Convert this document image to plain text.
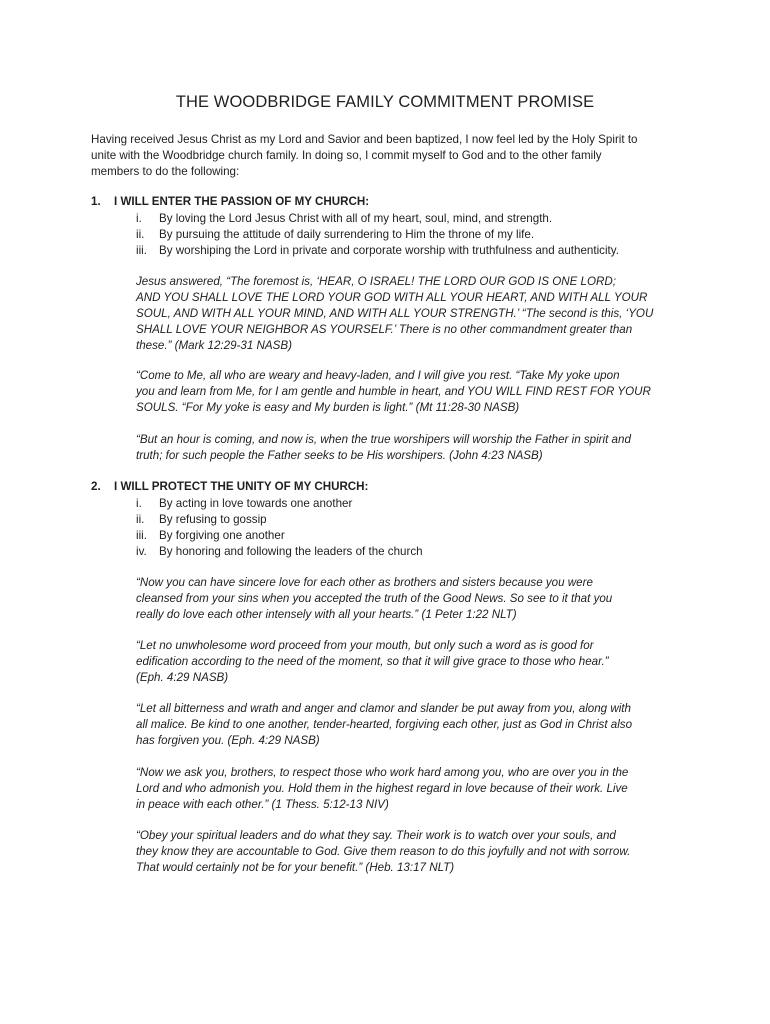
THE WOODBRIDGE FAMILY COMMITMENT PROMISE
Having received Jesus Christ as my Lord and Savior and been baptized, I now feel led by the Holy Spirit to
unite with the Woodbridge church family. In doing so, I commit myself to God and to the other family
members to do the following:
1. I WILL ENTER THE PASSION OF MY CHURCH:
i. By loving the Lord Jesus Christ with all of my heart, soul, mind, and strength.
ii. By pursuing the attitude of daily surrendering to Him the throne of my life.
iii. By worshiping the Lord in private and corporate worship with truthfulness and authenticity.
Jesus answered, “The foremost is, ‘HEAR, O ISRAEL! THE LORD OUR GOD IS ONE LORD;
AND YOU SHALL LOVE THE LORD YOUR GOD WITH ALL YOUR HEART, AND WITH ALL YOUR
SOUL, AND WITH ALL YOUR MIND, AND WITH ALL YOUR STRENGTH.’ “The second is this, ‘YOU
SHALL LOVE YOUR NEIGHBOR AS YOURSELF.’ There is no other commandment greater than
these.” (Mark 12:29-31 NASB)
“Come to Me, all who are weary and heavy-laden, and I will give you rest. “Take My yoke upon
you and learn from Me, for I am gentle and humble in heart, and YOU WILL FIND REST FOR YOUR
SOULS. “For My yoke is easy and My burden is light.” (Mt 11:28-30 NASB)
“But an hour is coming, and now is, when the true worshipers will worship the Father in spirit and
truth; for such people the Father seeks to be His worshipers. (John 4:23 NASB)
2. I WILL PROTECT THE UNITY OF MY CHURCH:
i. By acting in love towards one another
ii. By refusing to gossip
iii. By forgiving one another
iv. By honoring and following the leaders of the church
“Now you can have sincere love for each other as brothers and sisters because you were
cleansed from your sins when you accepted the truth of the Good News. So see to it that you
really do love each other intensely with all your hearts.” (1 Peter 1:22 NLT)
“Let no unwholesome word proceed from your mouth, but only such a word as is good for
edification according to the need of the moment, so that it will give grace to those who hear.”
(Eph. 4:29 NASB)
“Let all bitterness and wrath and anger and clamor and slander be put away from you, along with
all malice. Be kind to one another, tender-hearted, forgiving each other, just as God in Christ also
has forgiven you. (Eph. 4:29 NASB)
“Now we ask you, brothers, to respect those who work hard among you, who are over you in the
Lord and who admonish you. Hold them in the highest regard in love because of their work. Live
in peace with each other.” (1 Thess. 5:12-13 NIV)
“Obey your spiritual leaders and do what they say. Their work is to watch over your souls, and
they know they are accountable to God. Give them reason to do this joyfully and not with sorrow.
That would certainly not be for your benefit.” (Heb. 13:17 NLT)
